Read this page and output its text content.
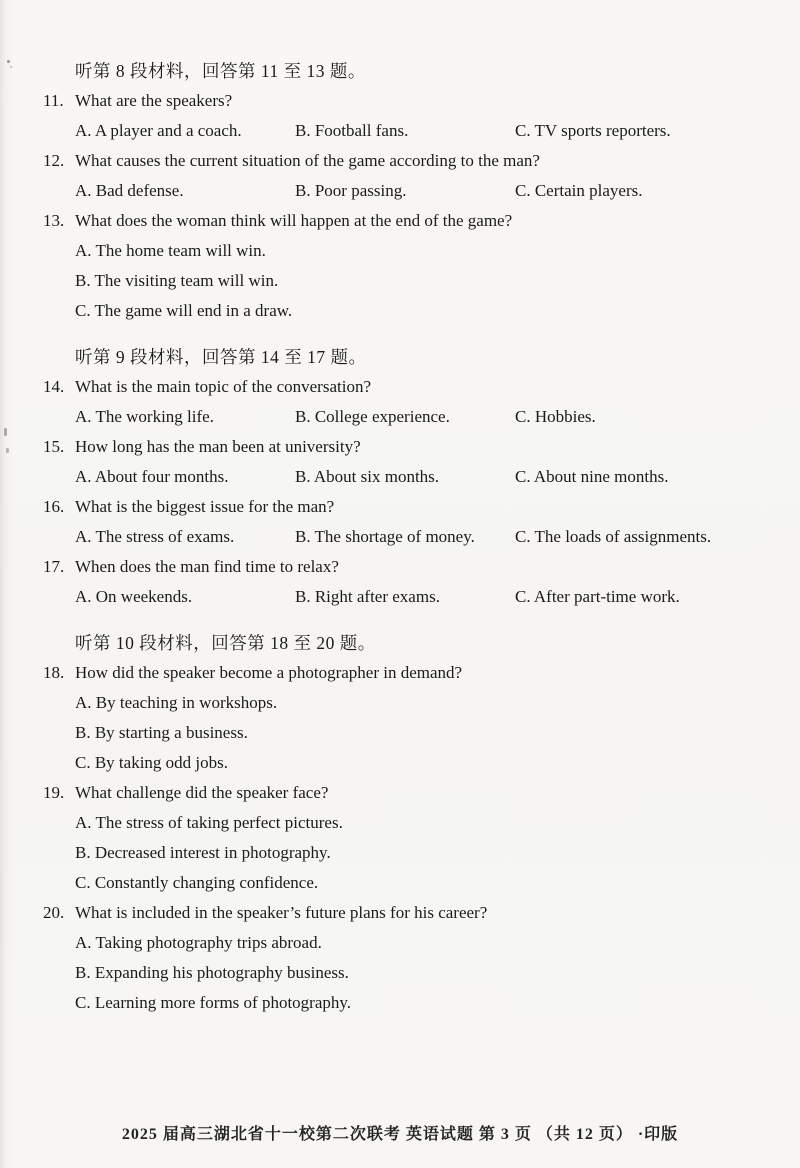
听第 8 段材料，回答第 11 至 13 题。

11. What are the speakers?
A. A player and a coach.	B. Football fans.	C. TV sports reporters.
12. What causes the current situation of the game according to the man?
A. Bad defense.	B. Poor passing.	C. Certain players.
13. What does the woman think will happen at the end of the game?
A. The home team will win.
B. The visiting team will win.
C. The game will end in a draw.

听第 9 段材料，回答第 14 至 17 题。

14. What is the main topic of the conversation?
A. The working life.	B. College experience.	C. Hobbies.
15. How long has the man been at university?
A. About four months.	B. About six months.	C. About nine months.
16. What is the biggest issue for the man?
A. The stress of exams.	B. The shortage of money.	C. The loads of assignments.
17. When does the man find time to relax?
A. On weekends.	B. Right after exams.	C. After part-time work.

听第 10 段材料，回答第 18 至 20 题。

18. How did the speaker become a photographer in demand?
A. By teaching in workshops.
B. By starting a business.
C. By taking odd jobs.
19. What challenge did the speaker face?
A. The stress of taking perfect pictures.
B. Decreased interest in photography.
C. Constantly changing confidence.
20. What is included in the speaker’s future plans for his career?
A. Taking photography trips abroad.
B. Expanding his photography business.
C. Learning more forms of photography.
2025 届高三湖北省十一校第二次联考 英语试题 第 3 页 （共 12 页） ·印版
